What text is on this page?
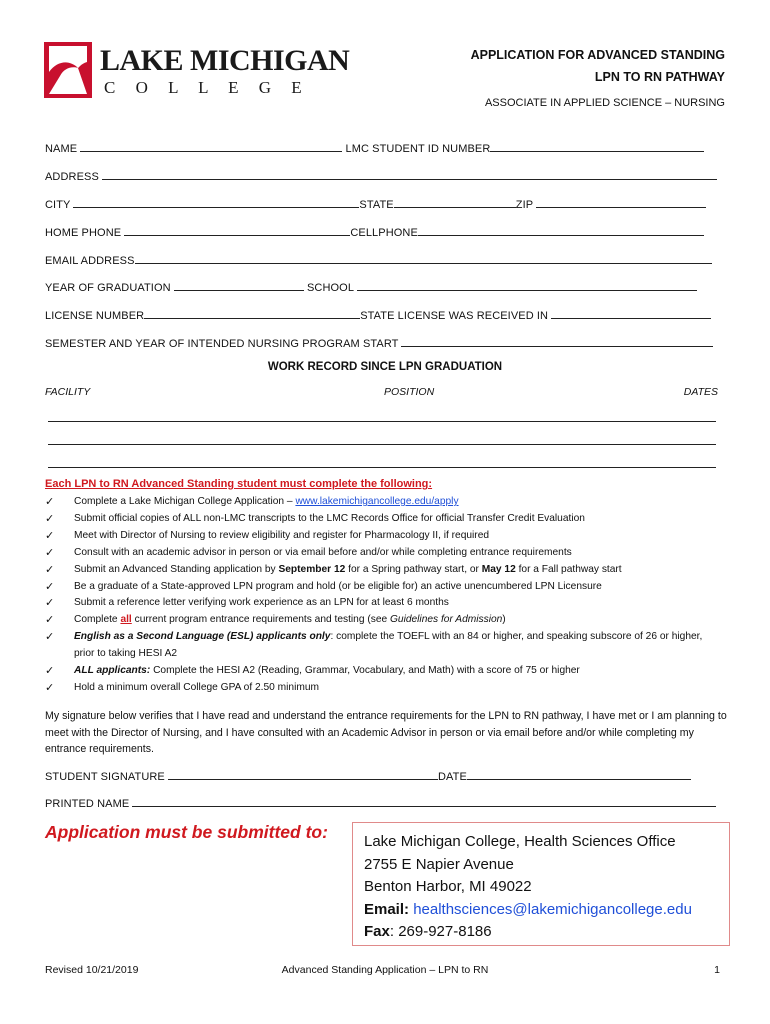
LAKE MICHIGAN
C O L L E G E
APPLICATION FOR ADVANCED STANDING
LPN TO RN PATHWAY
ASSOCIATE IN APPLIED SCIENCE – NURSING
NAME	LMC STUDENT ID NUMBER
ADDRESS
CITY	STATE	ZIP
HOME PHONE	CELLPHONE
EMAIL ADDRESS
YEAR OF GRADUATION	SCHOOL
LICENSE NUMBER	STATE LICENSE WAS RECEIVED IN
SEMESTER AND YEAR OF INTENDED NURSING PROGRAM START
WORK RECORD SINCE LPN GRADUATION
FACILITY	POSITION	DATES
Each LPN to RN Advanced Standing student must complete the following:
✓ Complete a Lake Michigan College Application – www.lakemichigancollege.edu/apply
✓ Submit official copies of ALL non-LMC transcripts to the LMC Records Office for official Transfer Credit Evaluation
✓ Meet with Director of Nursing to review eligibility and register for Pharmacology II, if required
✓ Consult with an academic advisor in person or via email before and/or while completing entrance requirements
✓ Submit an Advanced Standing application by September 12 for a Spring pathway start, or May 12 for a Fall pathway start
✓ Be a graduate of a State-approved LPN program and hold (or be eligible for) an active unencumbered LPN Licensure
✓ Submit a reference letter verifying work experience as an LPN for at least 6 months
✓ Complete all current program entrance requirements and testing (see Guidelines for Admission)
✓ English as a Second Language (ESL) applicants only: complete the TOEFL with an 84 or higher, and speaking subscore of 26 or higher, prior to taking HESI A2
✓ ALL applicants: Complete the HESI A2 (Reading, Grammar, Vocabulary, and Math) with a score of 75 or higher
✓ Hold a minimum overall College GPA of 2.50 minimum
My signature below verifies that I have read and understand the entrance requirements for the LPN to RN pathway, I have met or I am planning to meet with the Director of Nursing, and I have consulted with an Academic Advisor in person or via email before and/or while completing my entrance requirements.
STUDENT SIGNATURE	DATE
PRINTED NAME
Application must be submitted to: Lake Michigan College, Health Sciences Office
2755 E Napier Avenue
Benton Harbor, MI 49022
Email: healthsciences@lakemichigancollege.edu
Fax: 269-927-8186
Revised 10/21/2019	Advanced Standing Application – LPN to RN	1
